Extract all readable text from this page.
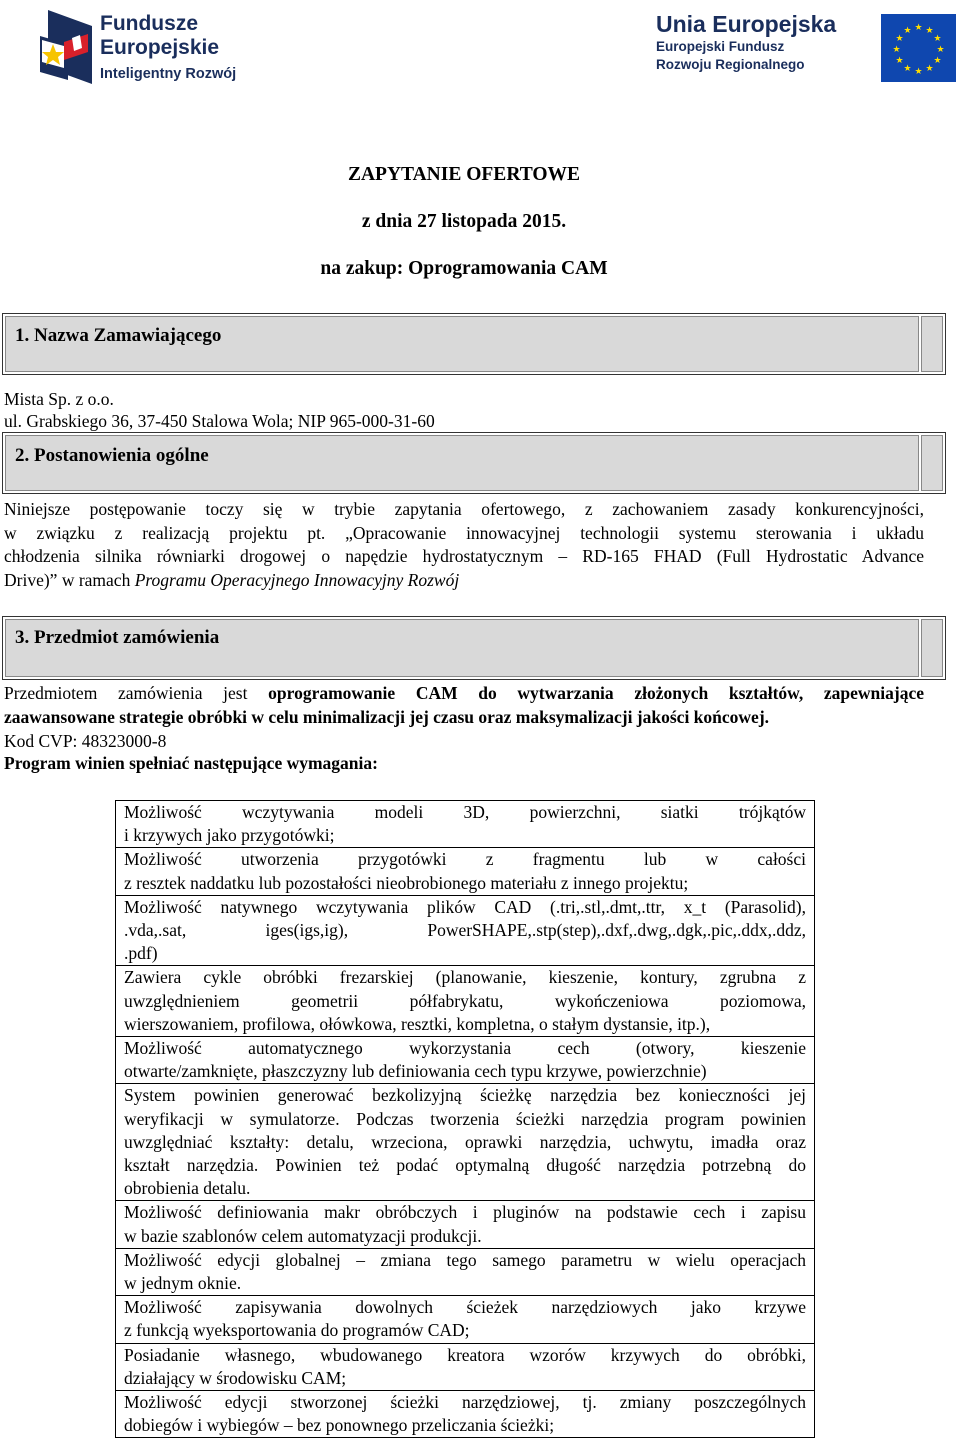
Fundusze
Europejskie
Inteligentny Rozwój
Unia Europejska
Europejski Fundusz
Rozwoju Regionalnego
★ ★
★
★
★
★
★
★
★
★
★
★
ZAPYTANIE OFERTOWE
z dnia 27 listopada 2015.
na zakup: Oprogramowania CAM
1. Nazwa Zamawiającego
Mista Sp. z o.o.
ul. Grabskiego 36, 37-450 Stalowa Wola; NIP 965-000-31-60
2. Postanowienia ogólne
Niniejsze postępowanie toczy się w trybie zapytania ofertowego, z zachowaniem zasady konkurencyjności,
w związku z realizacją projektu pt. „Opracowanie innowacyjnej technologii systemu sterowania i układu
chłodzenia silnika równiarki drogowej o napędzie hydrostatycznym – RD-165 FHAD (Full Hydrostatic Advance
Drive)” w ramach Programu Operacyjnego Innowacyjny Rozwój
3. Przedmiot zamówienia
Przedmiotem zamówienia jest oprogramowanie CAM do wytwarzania złożonych kształtów, zapewniające
zaawansowane strategie obróbki w celu minimalizacji jej czasu oraz maksymalizacji jakości końcowej.
Kod CVP: 48323000-8
Program winien spełniać następujące wymagania:
Możliwość wczytywania modeli 3D, powierzchni, siatki trójkątów
i krzywych jako przygotówki;
Możliwość utworzenia przygotówki z fragmentu lub w całości
z resztek naddatku lub pozostałości nieobrobionego materiału z innego projektu;
Możliwość natywnego wczytywania plików CAD (.tri,.stl,.dmt,.ttr, x_t (Parasolid),
.vda,.sat, iges(igs,ig), PowerSHAPE,.stp(step),.dxf,.dwg,.dgk,.pic,.ddx,.ddz,
.pdf)
Zawiera cykle obróbki frezarskiej (planowanie, kieszenie, kontury, zgrubna z
uwzględnieniem geometrii półfabrykatu, wykończeniowa poziomowa,
wierszowaniem, profilowa, ołówkowa, resztki, kompletna, o stałym dystansie, itp.),
Możliwość automatycznego wykorzystania cech (otwory, kieszenie
otwarte/zamknięte, płaszczyzny lub definiowania cech typu krzywe, powierzchnie)
System powinien generować bezkolizyjną ścieżkę narzędzia bez konieczności jej
weryfikacji w symulatorze. Podczas tworzenia ścieżki narzędzia program powinien
uwzględniać kształty: detalu, wrzeciona, oprawki narzędzia, uchwytu, imadła oraz
kształt narzędzia. Powinien też podać optymalną długość narzędzia potrzebną do
obrobienia detalu.
Możliwość definiowania makr obróbczych i pluginów na podstawie cech i zapisu
w bazie szablonów celem automatyzacji produkcji.
Możliwość edycji globalnej – zmiana tego samego parametru w wielu operacjach
w jednym oknie.
Możliwość zapisywania dowolnych ścieżek narzędziowych jako krzywe
z funkcją wyeksportowania do programów CAD;
Posiadanie własnego, wbudowanego kreatora wzorów krzywych do obróbki,
działający w środowisku CAM;
Możliwość edycji stworzonej ścieżki narzędziowej, tj. zmiany poszczególnych
dobiegów i wybiegów – bez ponownego przeliczania ścieżki;
